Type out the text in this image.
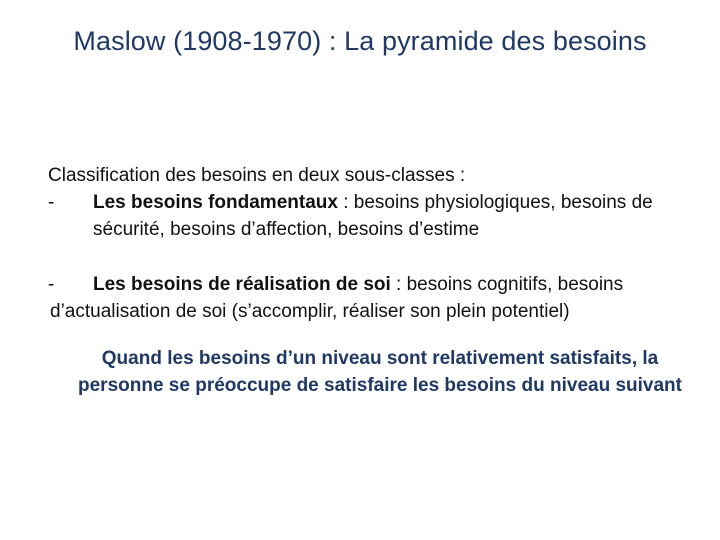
Maslow (1908-1970) : La pyramide des besoins
Classification des besoins en deux sous-classes :
- Les besoins fondamentaux : besoins physiologiques, besoins de
sécurité, besoins d’affection, besoins d’estime
- Les besoins de réalisation de soi : besoins cognitifs, besoins
d’actualisation de soi (s’accomplir, réaliser son plein potentiel)
Quand les besoins d’un niveau sont relativement satisfaits, la
personne se préoccupe de satisfaire les besoins du niveau suivant
